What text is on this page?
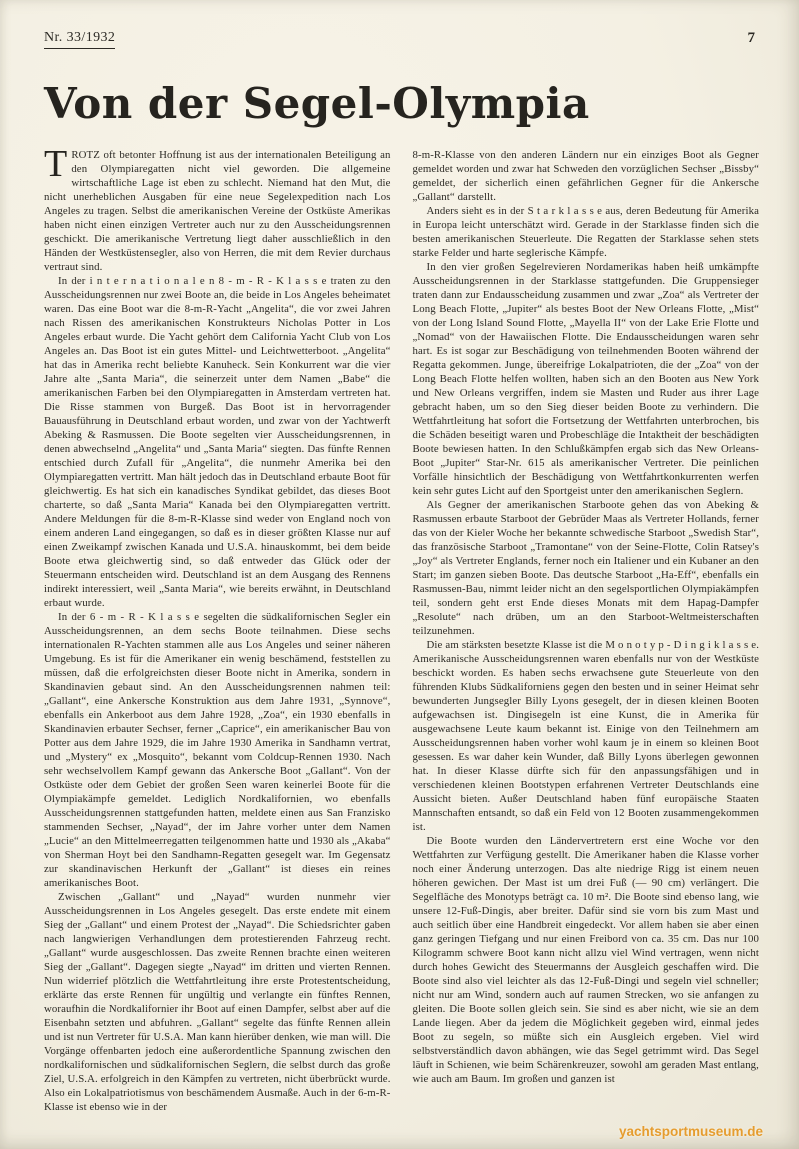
Nr. 33/1932	7
Von der Segel-Olympia

TROTZ oft betonter Hoffnung ist aus der internationalen Beteiligung an den Olympiaregatten nicht viel geworden. Die allgemeine wirtschaftliche Lage ist eben zu schlecht. Niemand hat den Mut, die nicht unerheblichen Ausgaben für eine neue Segelexpedition nach Los Angeles zu tragen. Selbst die amerikanischen Vereine der Ostküste Amerikas haben nicht einen einzigen Vertreter auch nur zu den Ausscheidungsrennen geschickt. Die amerikanische Vertretung liegt daher ausschließlich in den Händen der Westküstensegler, also von Herren, die mit dem Revier durchaus vertraut sind.

In der i n t e r n a t i o n a l e n 8 - m - R - K l a s s e traten zu den Ausscheidungsrennen nur zwei Boote an, die beide in Los Angeles beheimatet waren. Das eine Boot war die 8-m-R-Yacht „Angelita“, die vor zwei Jahren nach Rissen des amerikanischen Konstrukteurs Nicholas Potter in Los Angeles erbaut wurde. Die Yacht gehört dem California Yacht Club von Los Angeles an. Das Boot ist ein gutes Mittel- und Leichtwetterboot. „Angelita“ hat das in Amerika recht beliebte Kanuheck. Sein Konkurrent war die vier Jahre alte „Santa Maria“, die seinerzeit unter dem Namen „Babe“ die amerikanischen Farben bei den Olympiaregatten in Amsterdam vertreten hat. Die Risse stammen von Burgeß. Das Boot ist in hervorragender Bauausführung in Deutschland erbaut worden, und zwar von der Yachtwerft Abeking & Rasmussen. Die Boote segelten vier Ausscheidungsrennen, in denen abwechselnd „Angelita“ und „Santa Maria“ siegten. Das fünfte Rennen entschied durch Zufall für „Angelita“, die nunmehr Amerika bei den Olympiaregatten vertritt. Man hält jedoch das in Deutschland erbaute Boot für gleichwertig. Es hat sich ein kanadisches Syndikat gebildet, das dieses Boot charterte, so daß „Santa Maria“ Kanada bei den Olympiaregatten vertritt. Andere Meldungen für die 8-m-R-Klasse sind weder von England noch von einem anderen Land eingegangen, so daß es in dieser größten Klasse nur auf einen Zweikampf zwischen Kanada und U.S.A. hinauskommt, bei dem beide Boote etwa gleichwertig sind, so daß entweder das Glück oder der Steuermann entscheiden wird. Deutschland ist an dem Ausgang des Rennens indirekt interessiert, weil „Santa Maria“, wie bereits erwähnt, in Deutschland erbaut wurde.

In der 6 - m - R - K l a s s e segelten die südkalifornischen Segler ein Ausscheidungsrennen, an dem sechs Boote teilnahmen. Diese sechs internationalen R-Yachten stammen alle aus Los Angeles und seiner näheren Umgebung. Es ist für die Amerikaner ein wenig beschämend, feststellen zu müssen, daß die erfolgreichsten dieser Boote nicht in Amerika, sondern in Skandinavien gebaut sind. An den Ausscheidungsrennen nahmen teil: „Gallant“, eine Ankersche Konstruktion aus dem Jahre 1931, „Synnove“, ebenfalls ein Ankerboot aus dem Jahre 1928, „Zoa“, ein 1930 ebenfalls in Skandinavien erbauter Sechser, ferner „Caprice“, ein amerikanischer Bau von Potter aus dem Jahre 1929, die im Jahre 1930 Amerika in Sandhamn vertrat, und „Mystery“ ex „Mosquito“, bekannt vom Coldcup-Rennen 1930. Nach sehr wechselvollem Kampf gewann das Ankersche Boot „Gallant“. Von der Ostküste oder dem Gebiet der großen Seen waren keinerlei Boote für die Olympiakämpfe gemeldet. Lediglich Nordkalifornien, wo ebenfalls Ausscheidungsrennen stattgefunden hatten, meldete einen aus San Franzisko stammenden Sechser, „Nayad“, der im Jahre vorher unter dem Namen „Lucie“ an den Mittelmeerregatten teilgenommen hatte und 1930 als „Akaba“ von Sherman Hoyt bei den Sandhamn-Regatten gesegelt war. Im Gegensatz zur skandinavischen Herkunft der „Gallant“ ist dieses ein reines amerikanisches Boot.

Zwischen „Gallant“ und „Nayad“ wurden nunmehr vier Ausscheidungsrennen in Los Angeles gesegelt. Das erste endete mit einem Sieg der „Gallant“ und einem Protest der „Nayad“. Die Schiedsrichter gaben nach langwierigen Verhandlungen dem protestierenden Fahrzeug recht. „Gallant“ wurde ausgeschlossen. Das zweite Rennen brachte einen weiteren Sieg der „Gallant“. Dagegen siegte „Nayad“ im dritten und vierten Rennen. Nun widerrief plötzlich die Wettfahrtleitung ihre erste Protestentscheidung, erklärte das erste Rennen für ungültig und verlangte ein fünftes Rennen, woraufhin die Nordkalifornier ihr Boot auf einen Dampfer, selbst aber auf die Eisenbahn setzten und abfuhren. „Gallant“ segelte das fünfte Rennen allein und ist nun Vertreter für U.S.A. Man kann hierüber denken, wie man will. Die Vorgänge offenbarten jedoch eine außerordentliche Spannung zwischen den nordkalifornischen und südkalifornischen Seglern, die selbst durch das große Ziel, U.S.A. erfolgreich in den Kämpfen zu vertreten, nicht überbrückt wurde. Also ein Lokalpatriotismus von beschämendem Ausmaße. Auch in der 6-m-R-Klasse ist ebenso wie in der

8-m-R-Klasse von den anderen Ländern nur ein einziges Boot als Gegner gemeldet worden und zwar hat Schweden den vorzüglichen Sechser „Bissby“ gemeldet, der sicherlich einen gefährlichen Gegner für die Ankersche „Gallant“ darstellt.

Anders sieht es in der S t a r k l a s s e aus, deren Bedeutung für Amerika in Europa leicht unterschätzt wird. Gerade in der Starklasse finden sich die besten amerikanischen Steuerleute. Die Regatten der Starklasse sehen stets starke Felder und harte seglerische Kämpfe.

In den vier großen Segelrevieren Nordamerikas haben heiß umkämpfte Ausscheidungsrennen in der Starklasse stattgefunden. Die Gruppensieger traten dann zur Endausscheidung zusammen und zwar „Zoa“ als Vertreter der Long Beach Flotte, „Jupiter“ als bestes Boot der New Orleans Flotte, „Mist“ von der Long Island Sound Flotte, „Mayella II“ von der Lake Erie Flotte und „Nomad“ von der Hawaiischen Flotte. Die Endausscheidungen waren sehr hart. Es ist sogar zur Beschädigung von teilnehmenden Booten während der Regatta gekommen. Junge, übereifrige Lokalpatrioten, die der „Zoa“ von der Long Beach Flotte helfen wollten, haben sich an den Booten aus New York und New Orleans vergriffen, indem sie Masten und Ruder aus ihrer Lage gebracht haben, um so den Sieg dieser beiden Boote zu verhindern. Die Wettfahrtleitung hat sofort die Fortsetzung der Wettfahrten unterbrochen, bis die Schäden beseitigt waren und Probeschläge die Intaktheit der beschädigten Boote bewiesen hatten. In den Schlußkämpfen ergab sich das New Orleans-Boot „Jupiter“ Star-Nr. 615 als amerikanischer Vertreter. Die peinlichen Vorfälle hinsichtlich der Beschädigung von Wettfahrtkonkurrenten werfen kein sehr gutes Licht auf den Sportgeist unter den amerikanischen Seglern.

Als Gegner der amerikanischen Starboote gehen das von Abeking & Rasmussen erbaute Starboot der Gebrüder Maas als Vertreter Hollands, ferner das von der Kieler Woche her bekannte schwedische Starboot „Swedish Star“, das französische Starboot „Tramontane“ von der Seine-Flotte, Colin Ratsey's „Joy“ als Vertreter Englands, ferner noch ein Italiener und ein Kubaner an den Start; im ganzen sieben Boote. Das deutsche Starboot „Ha-Eff“, ebenfalls ein Rasmussen-Bau, nimmt leider nicht an den segelsportlichen Olympiakämpfen teil, sondern geht erst Ende dieses Monats mit dem Hapag-Dampfer „Resolute“ nach drüben, um an den Starboot-Weltmeisterschaften teilzunehmen.

Die am stärksten besetzte Klasse ist die M o n o t y p - D i n g i k l a s s e. Amerikanische Ausscheidungsrennen waren ebenfalls nur von der Westküste beschickt worden. Es haben sechs erwachsene gute Steuerleute von den führenden Klubs Südkaliforniens gegen den besten und in seiner Heimat sehr bewunderten Jungsegler Billy Lyons gesegelt, der in diesen kleinen Booten aufgewachsen ist. Dingisegeln ist eine Kunst, die in Amerika für ausgewachsene Leute kaum bekannt ist. Einige von den Teilnehmern am Ausscheidungsrennen haben vorher wohl kaum je in einem so kleinen Boot gesessen. Es war daher kein Wunder, daß Billy Lyons überlegen gewonnen hat. In dieser Klasse dürfte sich für den anpassungsfähigen und in verschiedenen kleinen Bootstypen erfahrenen Vertreter Deutschlands eine Aussicht bieten. Außer Deutschland haben fünf europäische Staaten Mannschaften entsandt, so daß ein Feld von 12 Booten zusammengekommen ist.

Die Boote wurden den Ländervertretern erst eine Woche vor den Wettfahrten zur Verfügung gestellt. Die Amerikaner haben die Klasse vorher noch einer Änderung unterzogen. Das alte niedrige Rigg ist einem neuen höheren gewichen. Der Mast ist um drei Fuß (— 90 cm) verlängert. Die Segelfläche des Monotyps beträgt ca. 10 m². Die Boote sind ebenso lang, wie unsere 12-Fuß-Dingis, aber breiter. Dafür sind sie vorn bis zum Mast und auch seitlich über eine Handbreit eingedeckt. Vor allem haben sie aber einen ganz geringen Tiefgang und nur einen Freibord von ca. 35 cm. Das nur 100 Kilogramm schwere Boot kann nicht allzu viel Wind vertragen, wenn nicht durch hohes Gewicht des Steuermanns der Ausgleich geschaffen wird. Die Boote sind also viel leichter als das 12-Fuß-Dingi und segeln viel schneller; nicht nur am Wind, sondern auch auf raumen Strecken, wo sie anfangen zu gleiten. Die Boote sollen gleich sein. Sie sind es aber nicht, wie sie an dem Lande liegen. Aber da jedem die Möglichkeit gegeben wird, einmal jedes Boot zu segeln, so müßte sich ein Ausgleich ergeben. Viel wird selbstverständlich davon abhängen, wie das Segel getrimmt wird. Das Segel läuft in Schienen, wie beim Schärenkreuzer, sowohl am geraden Mast entlang, wie auch am Baum. Im großen und ganzen ist

yachtsportmuseum.de
